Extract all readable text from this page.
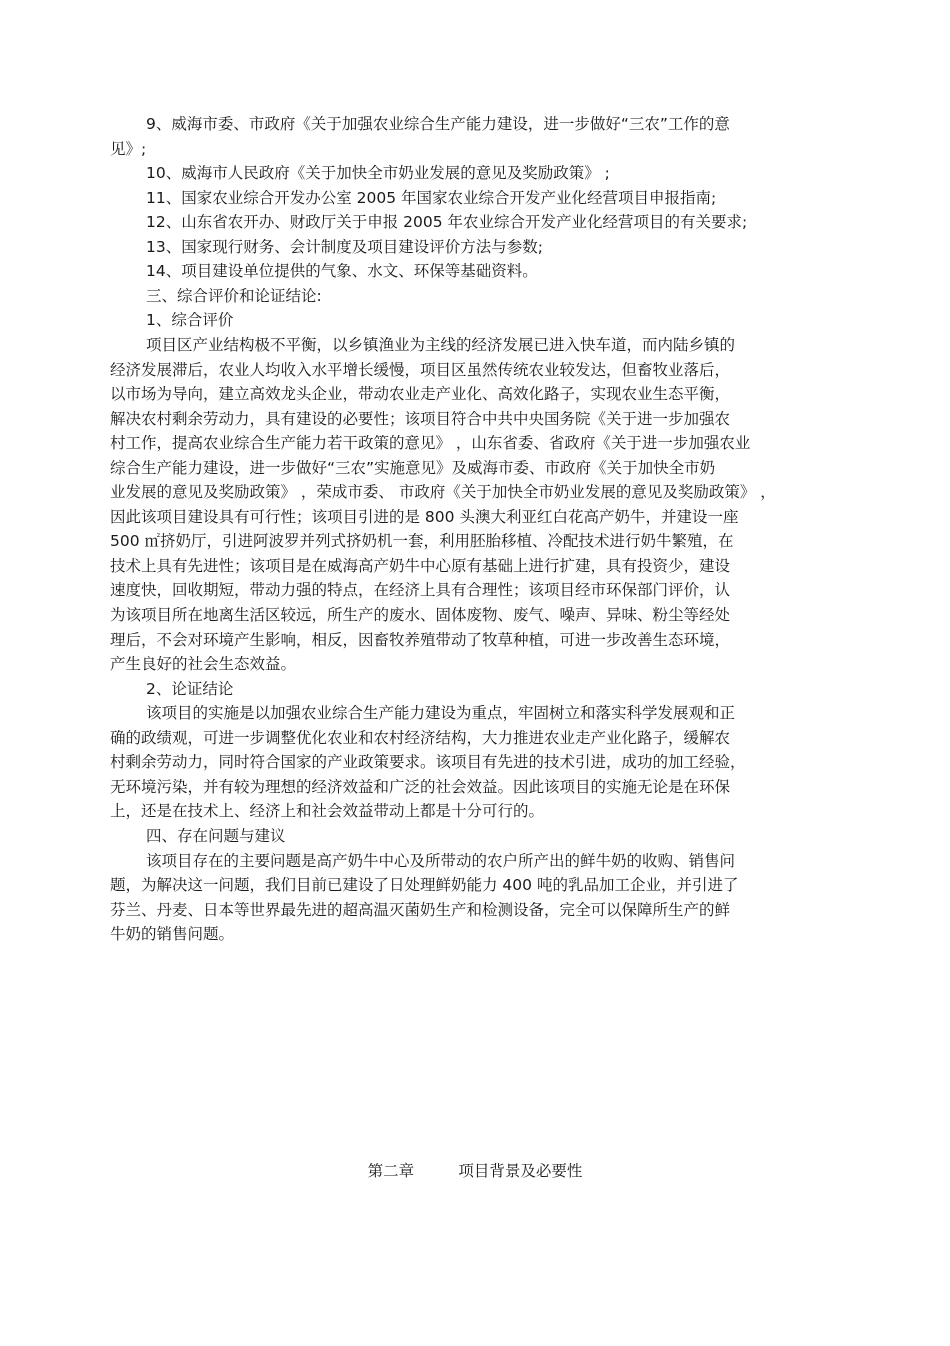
9、威海市委、市政府《关于加强农业综合生产能力建设，进一步做好“三农”工作的意

见》;

10、威海市人民政府《关于加快全市奶业发展的意见及奖励政策》 ;

11、国家农业综合开发办公室 2005 年国家农业综合开发产业化经营项目申报指南;

12、山东省农开办、财政厅关于申报 2005 年农业综合开发产业化经营项目的有关要求;

13、国家现行财务、会计制度及项目建设评价方法与参数;

14、项目建设单位提供的气象、水文、环保等基础资料。

三、综合评价和论证结论:

1、综合评价

项目区产业结构极不平衡，以乡镇渔业为主线的经济发展已进入快车道，而内陆乡镇的

经济发展滞后，农业人均收入水平增长缓慢，项目区虽然传统农业较发达，但畜牧业落后，

以市场为导向，建立高效龙头企业，带动农业走产业化、高效化路子，实现农业生态平衡，

解决农村剩余劳动力，具有建设的必要性；该项目符合中共中央国务院《关于进一步加强农

村工作，提高农业综合生产能力若干政策的意见》 ，山东省委、省政府《关于进一步加强农业

综合生产能力建设，进一步做好“三农”实施意见》及威海市委、市政府《关于加快全市奶

业发展的意见及奖励政策》 ，荣成市委、 市政府《关于加快全市奶业发展的意见及奖励政策》 ，

因此该项目建设具有可行性；该项目引进的是 800 头澳大利亚红白花高产奶牛，并建设一座

500 ㎡挤奶厅，引进阿波罗并列式挤奶机一套，利用胚胎移植、冷配技术进行奶牛繁殖，在

技术上具有先进性；该项目是在威海高产奶牛中心原有基础上进行扩建，具有投资少，建设

速度快，回收期短，带动力强的特点，在经济上具有合理性；该项目经市环保部门评价，认

为该项目所在地离生活区较远，所生产的废水、固体废物、废气、噪声、异味、粉尘等经处

理后，不会对环境产生影响，相反，因畜牧养殖带动了牧草种植，可进一步改善生态环境，

产生良好的社会生态效益。

2、论证结论

该项目的实施是以加强农业综合生产能力建设为重点，牢固树立和落实科学发展观和正

确的政绩观，可进一步调整优化农业和农村经济结构，大力推进农业走产业化路子，缓解农

村剩余劳动力，同时符合国家的产业政策要求。该项目有先进的技术引进，成功的加工经验，

无环境污染，并有较为理想的经济效益和广泛的社会效益。因此该项目的实施无论是在环保

上，还是在技术上、经济上和社会效益带动上都是十分可行的。

四、存在问题与建议

该项目存在的主要问题是高产奶牛中心及所带动的农户所产出的鲜牛奶的收购、销售问

题，为解决这一问题，我们目前已建设了日处理鲜奶能力 400 吨的乳品加工企业，并引进了

芬兰、丹麦、日本等世界最先进的超高温灭菌奶生产和检测设备，完全可以保障所生产的鲜

牛奶的销售问题。

第二章         项目背景及必要性
